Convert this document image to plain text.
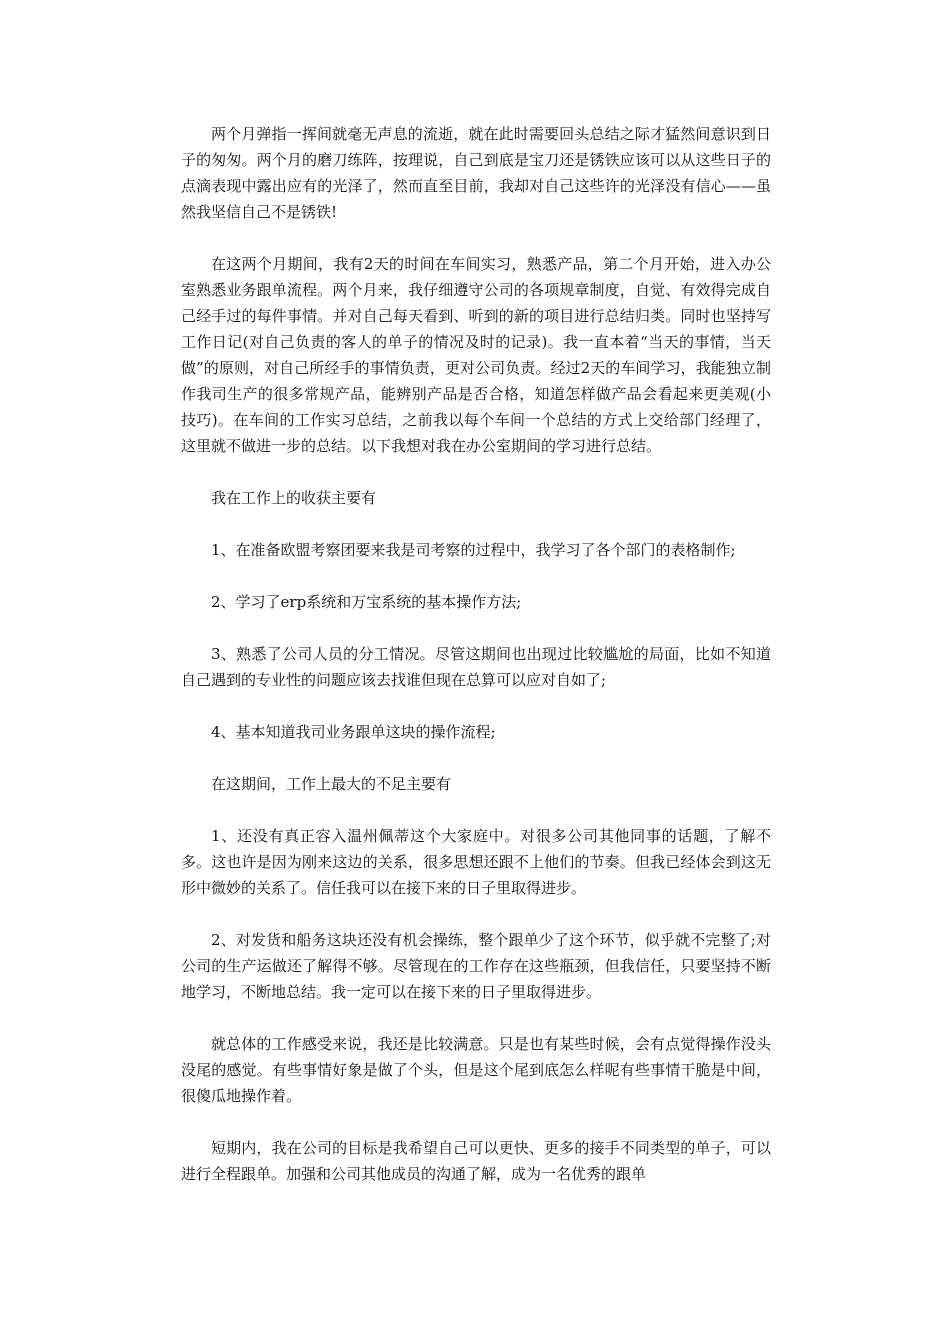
两个月弹指一挥间就毫无声息的流逝，就在此时需要回头总结之际才猛然间意识到日子的匆匆。两个月的磨刀练阵，按理说，自己到底是宝刀还是锈铁应该可以从这些日子的点滴表现中露出应有的光泽了，然而直至目前，我却对自己这些许的光泽没有信心——虽然我坚信自己不是锈铁!

在这两个月期间，我有2天的时间在车间实习，熟悉产品，第二个月开始，进入办公室熟悉业务跟单流程。两个月来，我仔细遵守公司的各项规章制度，自觉、有效得完成自己经手过的每件事情。并对自己每天看到、听到的新的项目进行总结归类。同时也坚持写工作日记(对自己负责的客人的单子的情况及时的记录)。我一直本着“当天的事情，当天做”的原则，对自己所经手的事情负责，更对公司负责。经过2天的车间学习，我能独立制作我司生产的很多常规产品，能辨别产品是否合格，知道怎样做产品会看起来更美观(小技巧)。在车间的工作实习总结，之前我以每个车间一个总结的方式上交给部门经理了，这里就不做进一步的总结。以下我想对我在办公室期间的学习进行总结。

我在工作上的收获主要有

1、在准备欧盟考察团要来我是司考察的过程中，我学习了各个部门的表格制作;

2、学习了erp系统和万宝系统的基本操作方法;

3、熟悉了公司人员的分工情况。尽管这期间也出现过比较尴尬的局面，比如不知道自己遇到的专业性的问题应该去找谁但现在总算可以应对自如了;

4、基本知道我司业务跟单这块的操作流程;

在这期间，工作上最大的不足主要有

1、还没有真正容入温州佩蒂这个大家庭中。对很多公司其他同事的话题，了解不多。这也许是因为刚来这边的关系，很多思想还跟不上他们的节奏。但我已经体会到这无形中微妙的关系了。信任我可以在接下来的日子里取得进步。

2、对发货和船务这块还没有机会操练，整个跟单少了这个环节，似乎就不完整了;对公司的生产运做还了解得不够。尽管现在的工作存在这些瓶颈，但我信任，只要坚持不断地学习，不断地总结。我一定可以在接下来的日子里取得进步。

就总体的工作感受来说，我还是比较满意。只是也有某些时候，会有点觉得操作没头没尾的感觉。有些事情好象是做了个头，但是这个尾到底怎么样呢有些事情干脆是中间，很傻瓜地操作着。

短期内，我在公司的目标是我希望自己可以更快、更多的接手不同类型的单子，可以进行全程跟单。加强和公司其他成员的沟通了解，成为一名优秀的跟单
